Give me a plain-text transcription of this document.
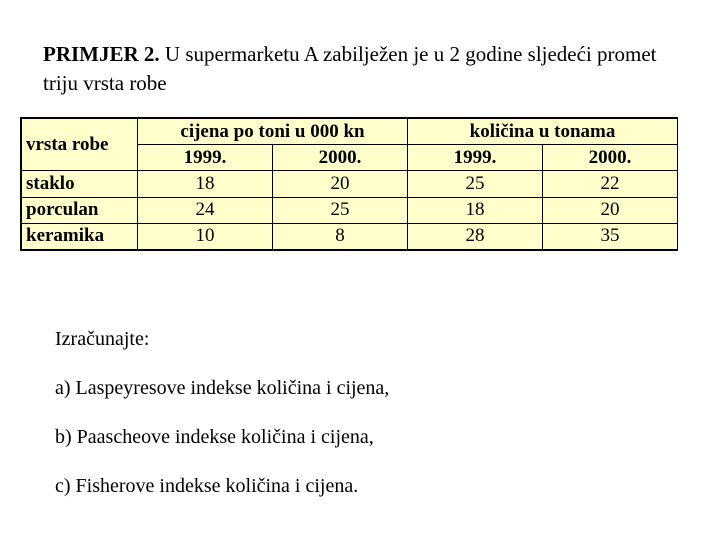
PRIMJER 2. U supermarketu A zabilježen je u 2 godine sljedeći promet triju vrsta robe
vrsta robe	cijena po toni u 000 kn		količina u tonama	
	1999.	2000.	1999.	2000.
staklo	18	20	25	22
porculan	24	25	18	20
keramika	10	8	28	35

Izračunajte:

a) Laspeyresove indekse količina i cijena,

b) Paascheove indekse količina i cijena,

c) Fisherove indekse količina i cijena.
